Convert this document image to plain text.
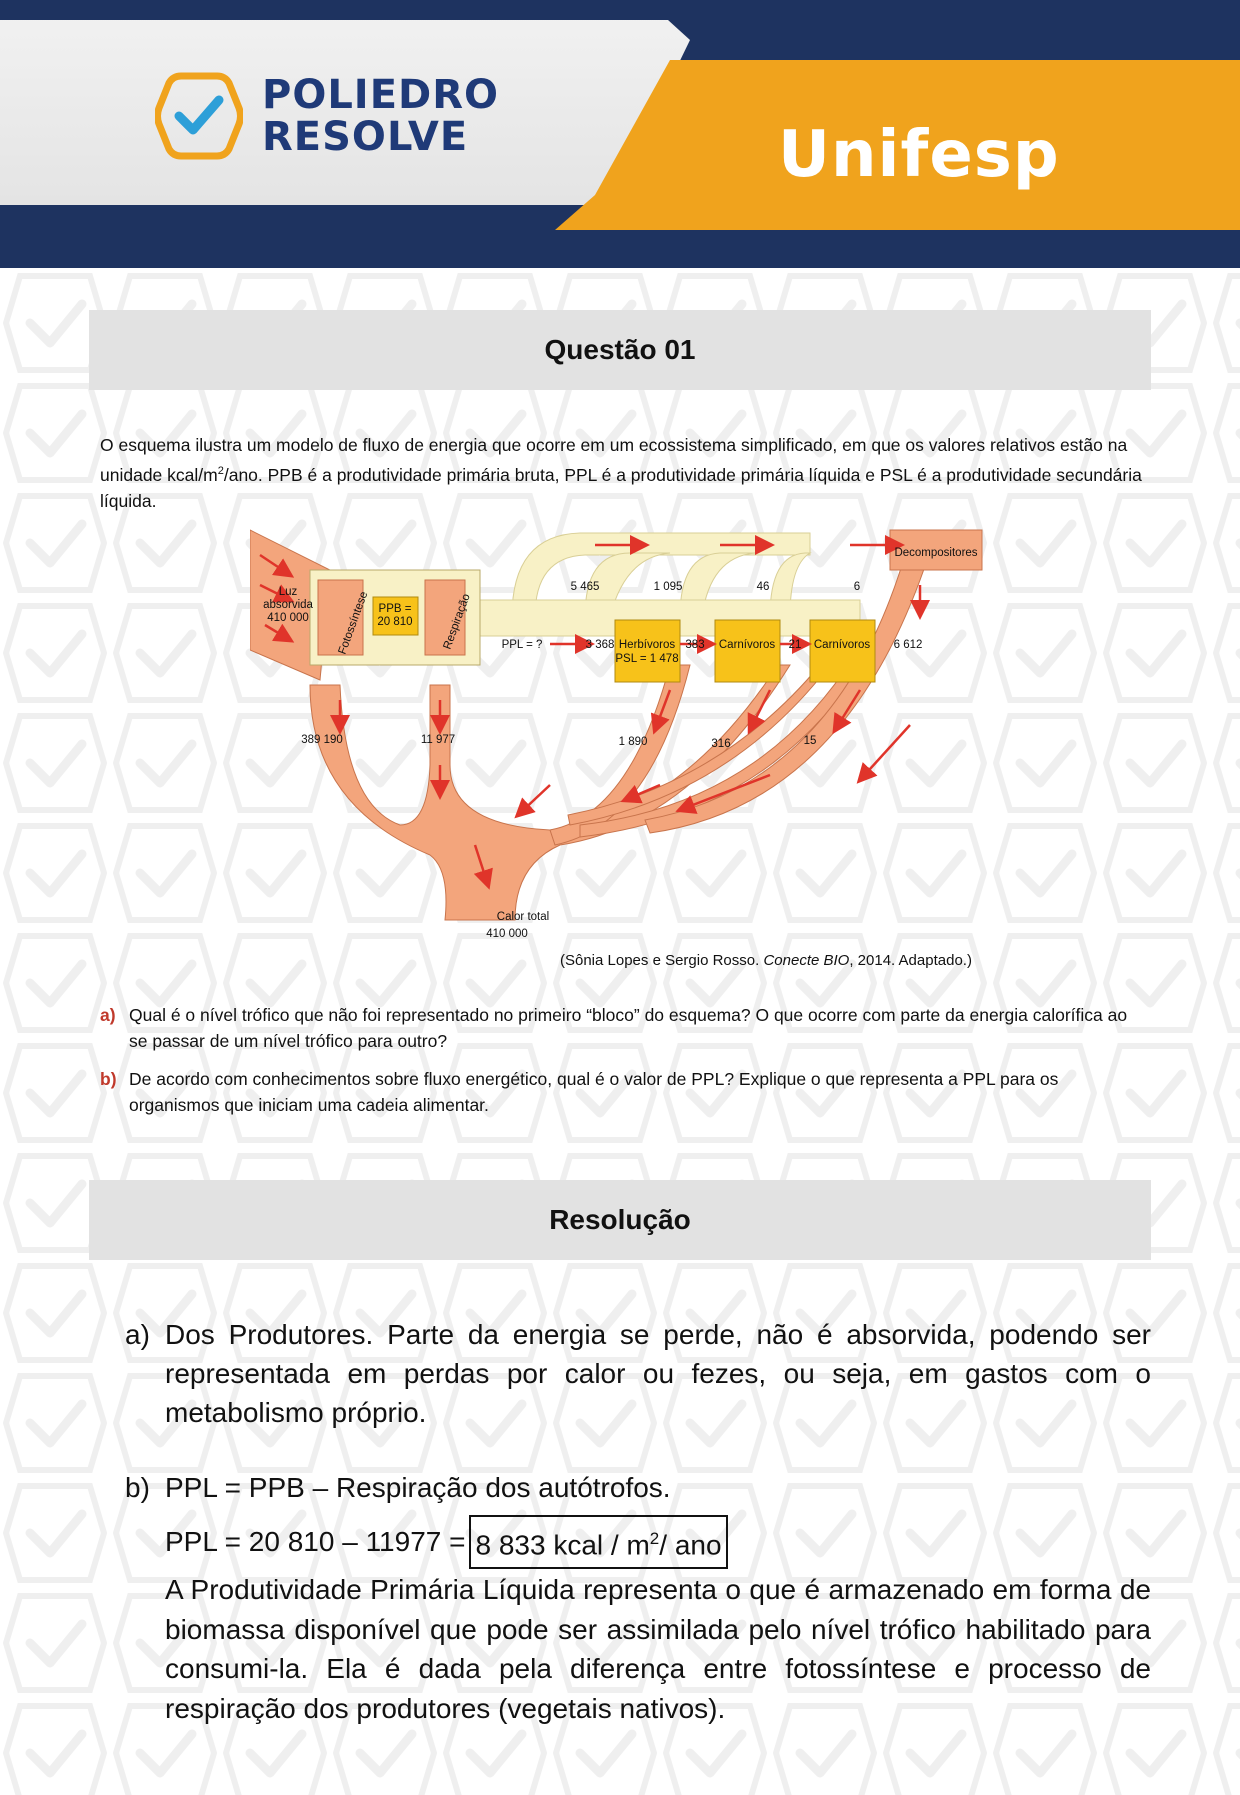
POLIEDRO
RESOLVE	Unifesp
Questão 01
O esquema ilustra um modelo de fluxo de energia que ocorre em um ecossistema simplificado, em que os valores relativos estão na unidade kcal/$m^2$/ano. PPB é a produtividade primária bruta, PPL é a produtividade primária líquida e PSL é a produtividade secundária líquida.
Luz
absorvida
410 000 Fotossíntese PPB =
20 810	Respiração	PPL = ?	3 368 Herbívoros
PSL = 1 478
383 Carnívoros 21 Carnívoros 6 612
Decompositores
5 465	1 095	46	6
389 190	11 977	1 890	316	15
Calor total
410 000
(Sônia Lopes e Sergio Rosso. Conecte BIO, 2014. Adaptado.)
a) Qual é o nível trófico que não foi representado no primeiro “bloco” do esquema? O que ocorre com parte da energia calorífica ao se passar de um nível trófico para outro?
b) De acordo com conhecimentos sobre fluxo energético, qual é o valor de PPL? Explique o que representa a PPL para os organismos que iniciam uma cadeia alimentar.
Resolução
a) Dos Produtores. Parte da energia se perde, não é absorvida, podendo ser representada em perdas por calor ou fezes, ou seja, em gastos com o metabolismo próprio.
b) PPL = PPB – Respiração dos autótrofos.
PPL = 20 810 – 11977 = 8 833 kcal / $m^2/$ ano
A Produtividade Primária Líquida representa o que é armazenado em forma de biomassa disponível que pode ser assimilada pelo nível trófico habilitado para consumi-la. Ela é dada pela diferença entre fotossíntese e processo de respiração dos produtores (vegetais nativos).
